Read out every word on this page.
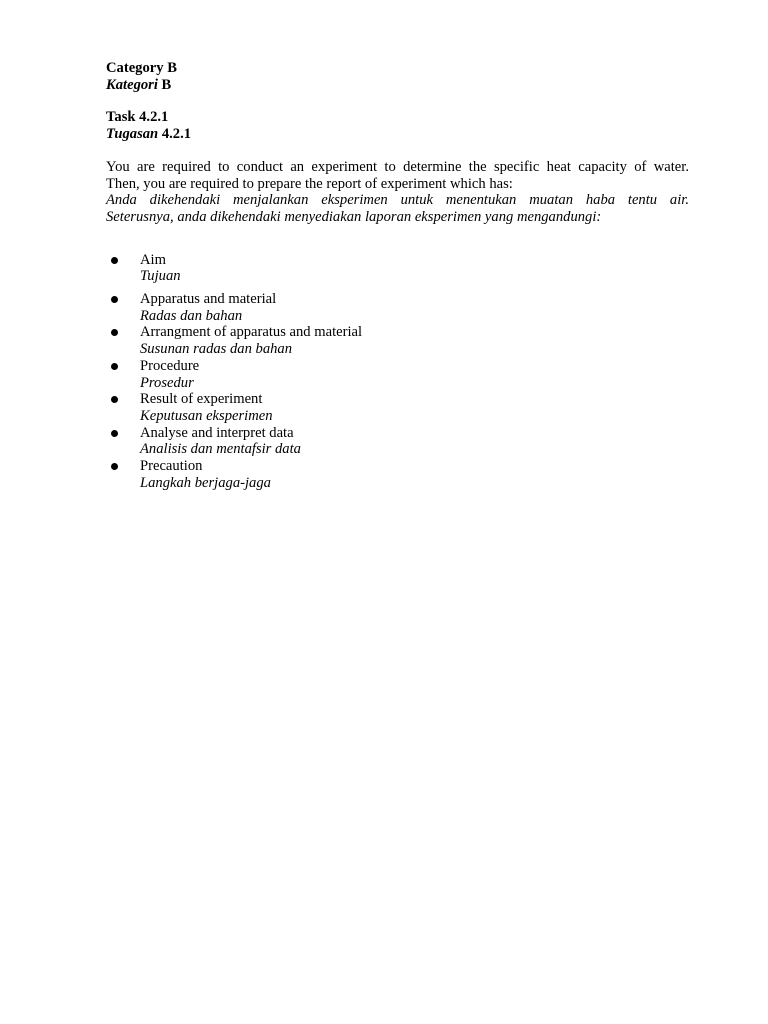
Category B
Kategori B
Task 4.2.1
Tugasan 4.2.1
You are required to conduct an experiment to determine the specific heat capacity of water.
Then, you are required to prepare the report of experiment which has:
Anda dikehendaki menjalankan eksperimen untuk menentukan muatan haba tentu air.
Seterusnya, anda dikehendaki menyediakan laporan eksperimen yang mengandungi:
Aim
Tujuan
Apparatus and material
Radas dan bahan
Arrangment of apparatus and material
Susunan radas dan bahan
Procedure
Prosedur
Result of experiment
Keputusan eksperimen
Analyse and interpret data
Analisis dan mentafsir data
Precaution
Langkah berjaga-jaga
